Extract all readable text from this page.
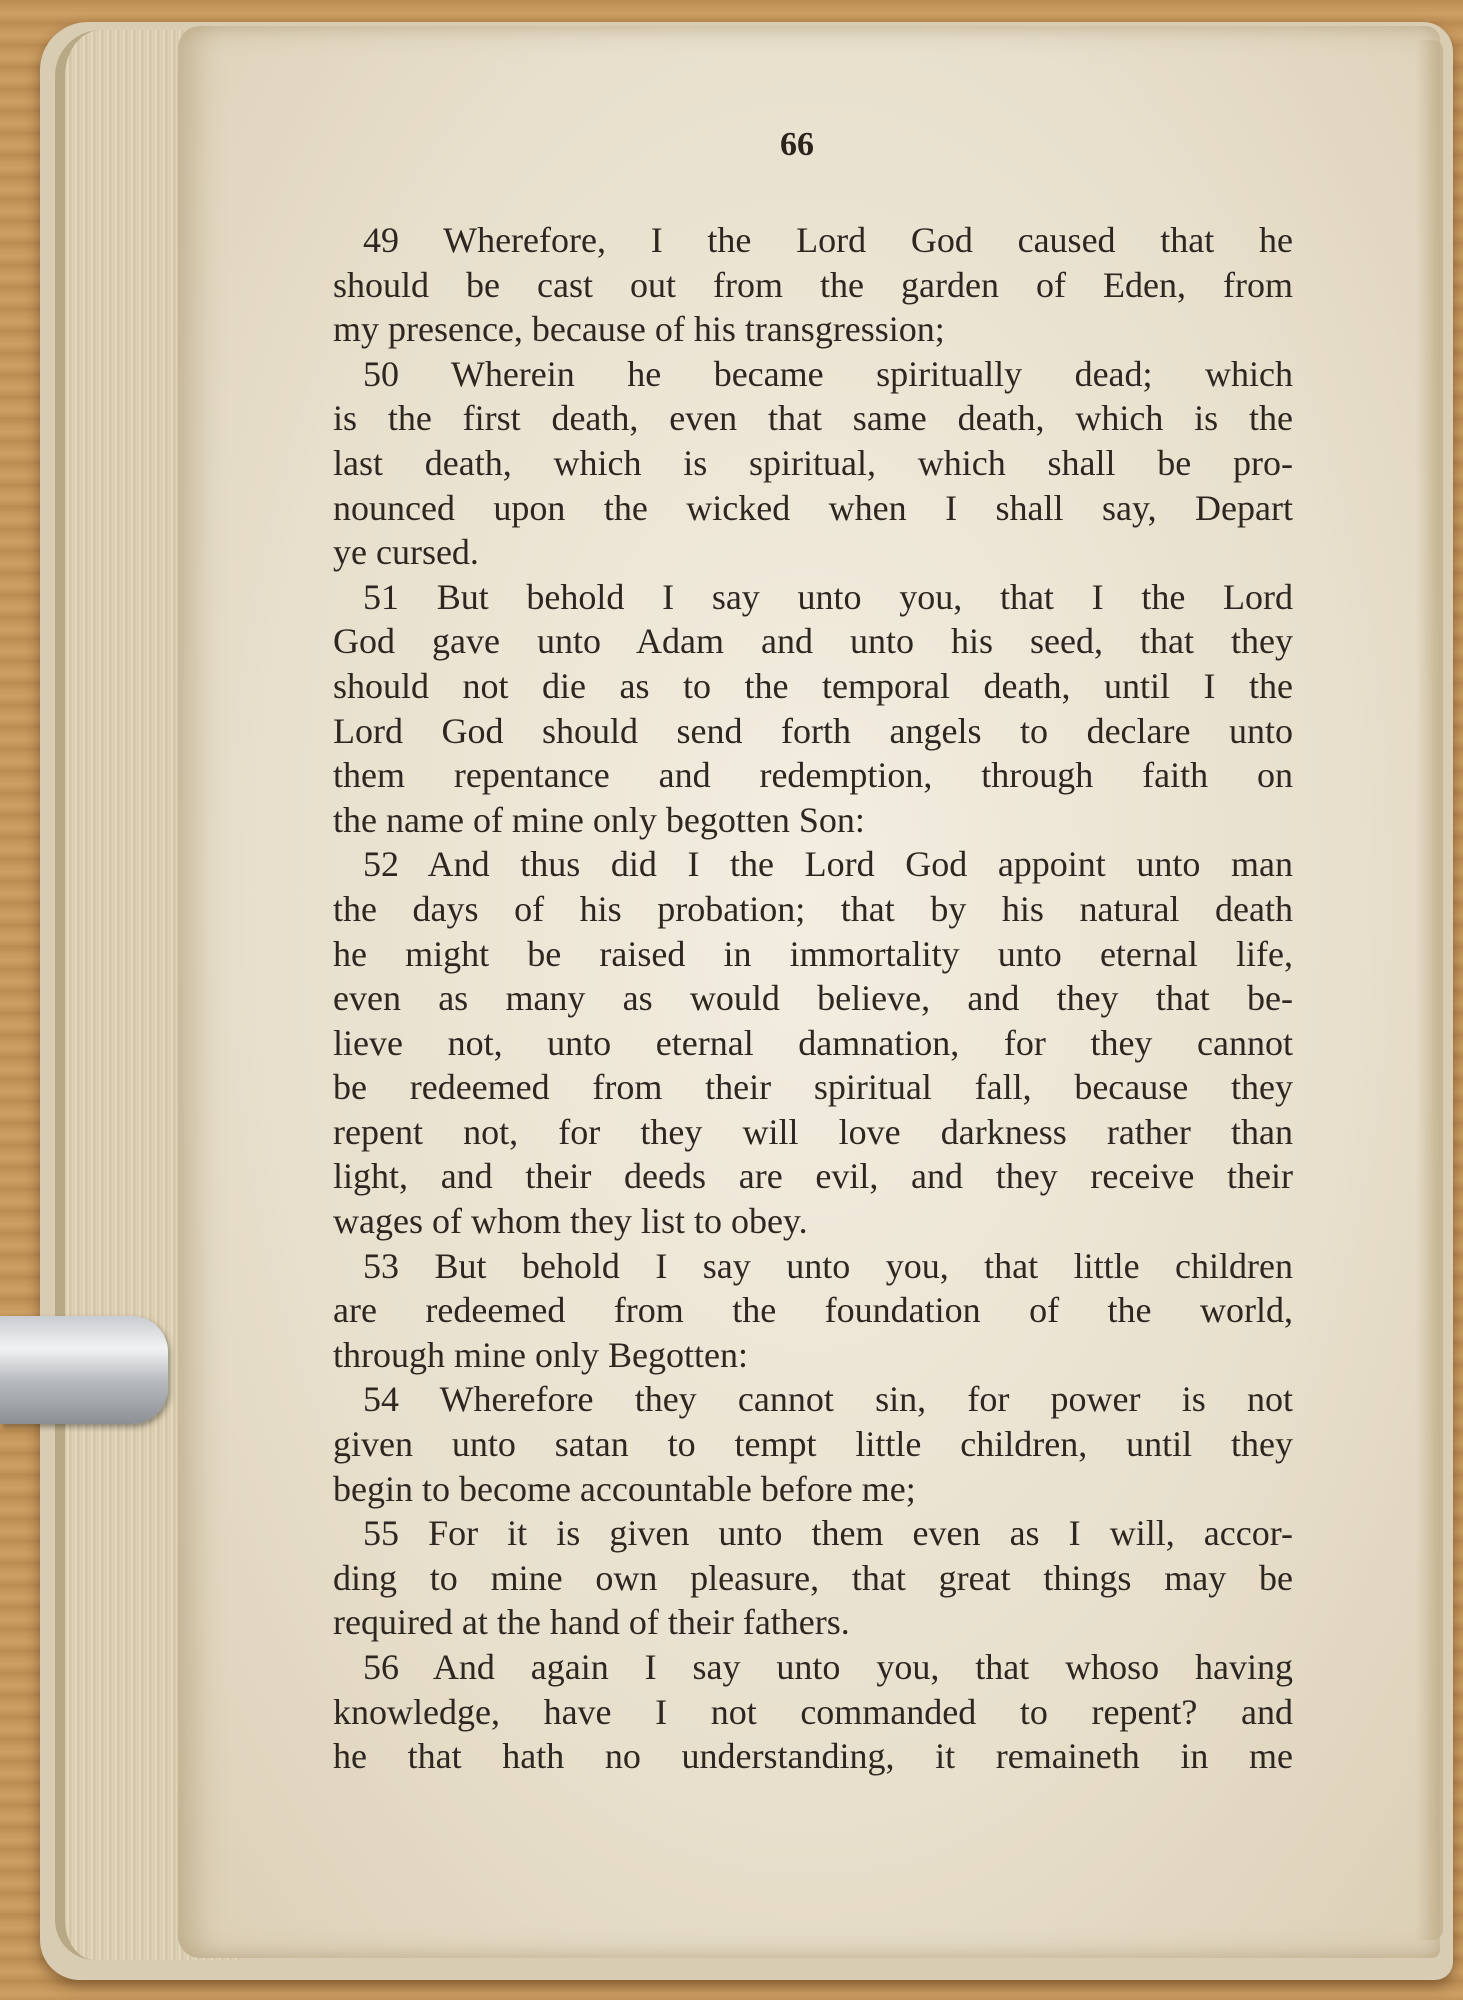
66
49 Wherefore, I the Lord God caused that he
should be cast out from the garden of Eden, from
my presence, because of his transgression;
50 Wherein he became spiritually dead; which
is the first death, even that same death, which is the
last death, which is spiritual, which shall be pro-
nounced upon the wicked when I shall say, Depart
ye cursed.
51 But behold I say unto you, that I the Lord
God gave unto Adam and unto his seed, that they
should not die as to the temporal death, until I the
Lord God should send forth angels to declare unto
them repentance and redemption, through faith on
the name of mine only begotten Son:
52 And thus did I the Lord God appoint unto man
the days of his probation; that by his natural death
he might be raised in immortality unto eternal life,
even as many as would believe, and they that be-
lieve not, unto eternal damnation, for they cannot
be redeemed from their spiritual fall, because they
repent not, for they will love darkness rather than
light, and their deeds are evil, and they receive their
wages of whom they list to obey.
53 But behold I say unto you, that little children
are redeemed from the foundation of the world,
through mine only Begotten:
54 Wherefore they cannot sin, for power is not
given unto satan to tempt little children, until they
begin to become accountable before me;
55 For it is given unto them even as I will, accor-
ding to mine own pleasure, that great things may be
required at the hand of their fathers.
56 And again I say unto you, that whoso having
knowledge, have I not commanded to repent? and
he that hath no understanding, it remaineth in me
